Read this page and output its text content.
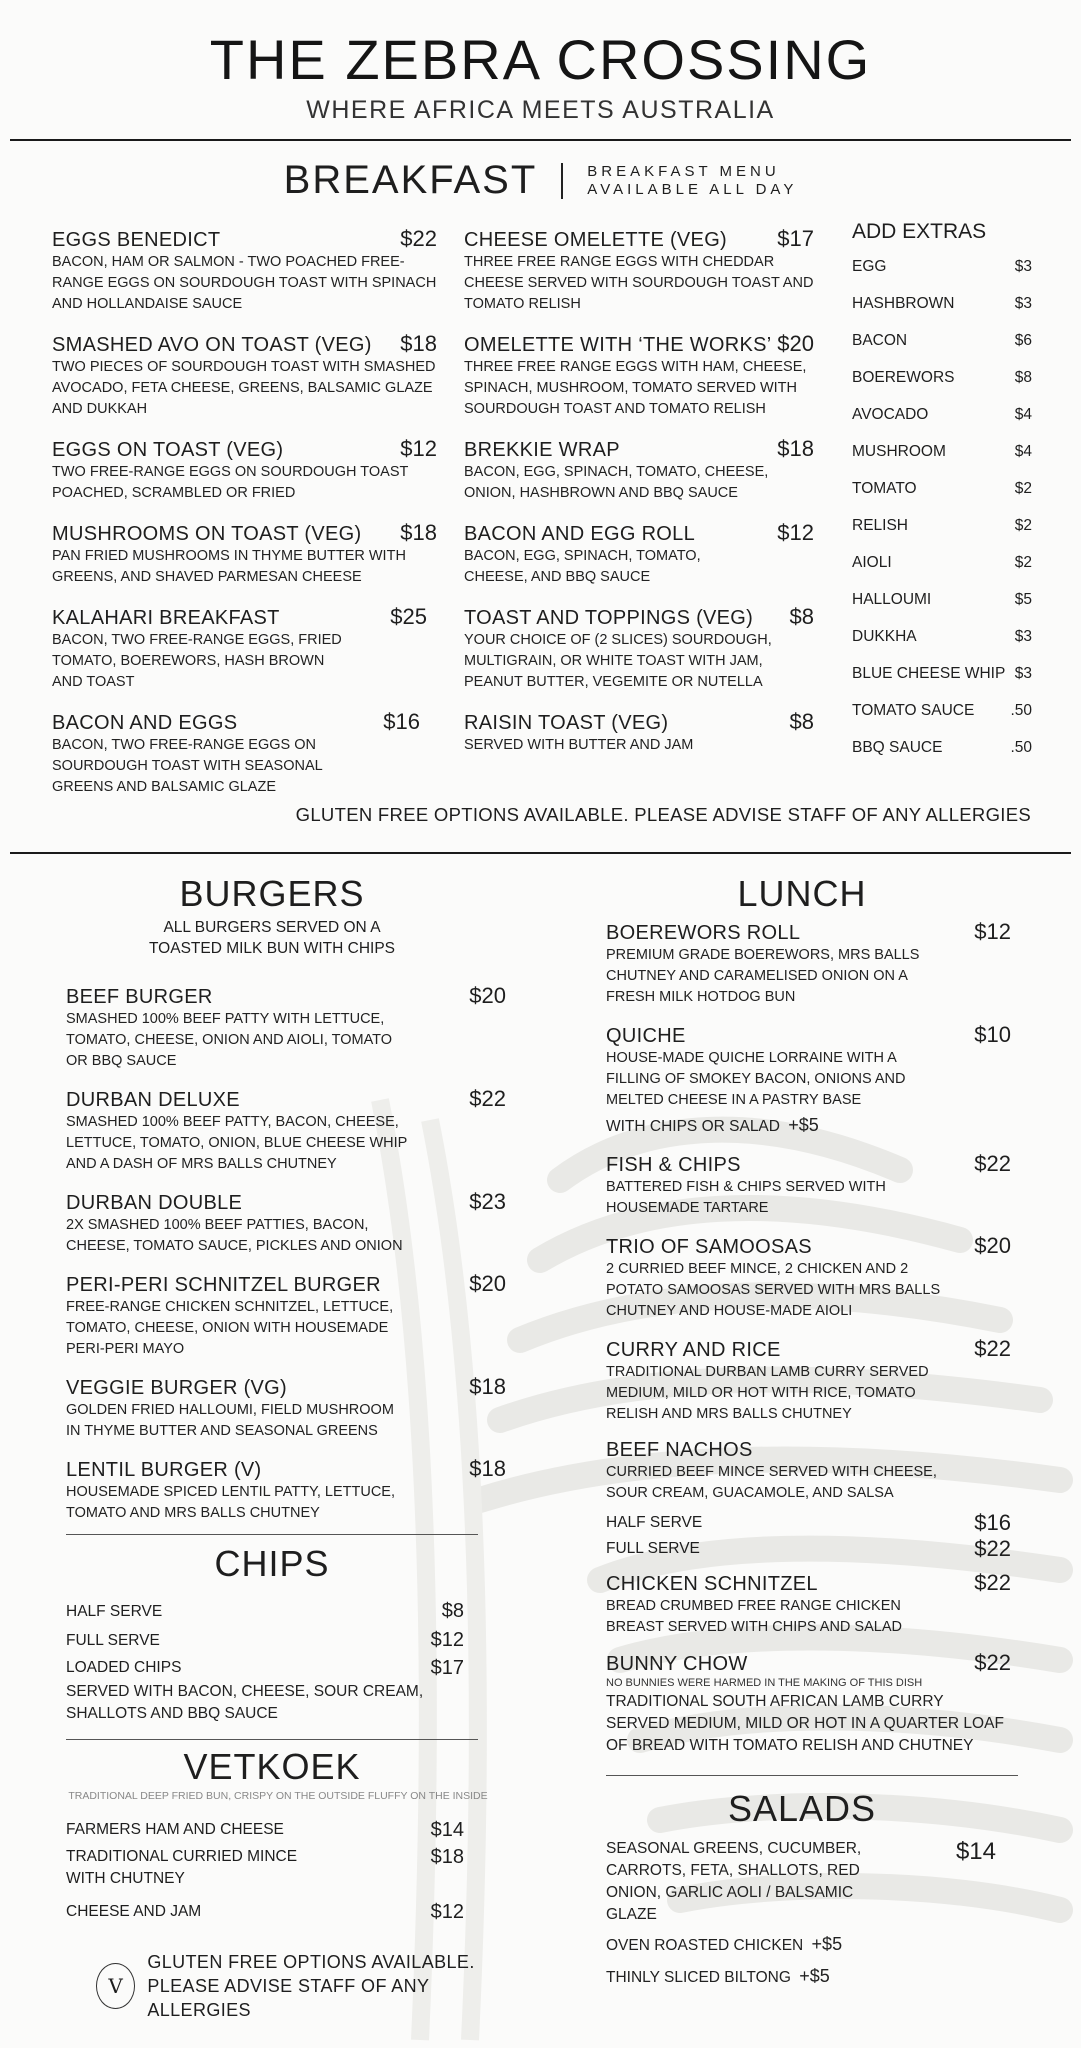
THE ZEBRA CROSSING
WHERE AFRICA MEETS AUSTRALIA
BREAKFAST	BREAKFAST MENU
AVAILABLE ALL DAY
EGGS BENEDICT	$22
BACON, HAM OR SALMON - TWO POACHED FREE-RANGE EGGS ON SOURDOUGH TOAST WITH SPINACH AND HOLLANDAISE SAUCE
SMASHED AVO ON TOAST (VEG) $18
TWO PIECES OF SOURDOUGH TOAST WITH SMASHED AVOCADO, FETA CHEESE, GREENS, BALSAMIC GLAZE AND DUKKAH
EGGS ON TOAST (VEG)	$12
TWO FREE-RANGE EGGS ON SOURDOUGH TOAST POACHED, SCRAMBLED OR FRIED
MUSHROOMS ON TOAST (VEG) $18
PAN FRIED MUSHROOMS IN THYME BUTTER WITH GREENS, AND SHAVED PARMESAN CHEESE
KALAHARI BREAKFAST	$25
BACON, TWO FREE-RANGE EGGS, FRIED TOMATO, BOEREWORS, HASH BROWN AND TOAST
BACON AND EGGS	$16
BACON, TWO FREE-RANGE EGGS ON SOURDOUGH TOAST WITH SEASONAL GREENS AND BALSAMIC GLAZE
CHEESE OMELETTE (VEG) $17
THREE FREE RANGE EGGS WITH CHEDDAR CHEESE SERVED WITH SOURDOUGH TOAST AND TOMATO RELISH
OMELETTE WITH ‘THE WORKS’ $20
THREE FREE RANGE EGGS WITH HAM, CHEESE, SPINACH, MUSHROOM, TOMATO SERVED WITH SOURDOUGH TOAST AND TOMATO RELISH
BREKKIE WRAP	$18
BACON, EGG, SPINACH, TOMATO, CHEESE, ONION, HASHBROWN AND BBQ SAUCE
BACON AND EGG ROLL	$12
BACON, EGG, SPINACH, TOMATO, CHEESE, AND BBQ SAUCE
TOAST AND TOPPINGS (VEG) $8
YOUR CHOICE OF (2 SLICES) SOURDOUGH, MULTIGRAIN, OR WHITE TOAST WITH JAM, PEANUT BUTTER, VEGEMITE OR NUTELLA
RAISIN TOAST (VEG)	$8
SERVED WITH BUTTER AND JAM
ADD EXTRAS
EGG	$3
HASHBROWN	$3
BACON	$6
BOEREWORS	$8
AVOCADO	$4
MUSHROOM	$4
TOMATO	$2
RELISH	$2
AIOLI	$2
HALLOUMI	$5
DUKKHA	$3
BLUE CHEESE WHIP $3
TOMATO SAUCE .50
BBQ SAUCE	.50
GLUTEN FREE OPTIONS AVAILABLE. PLEASE ADVISE STAFF OF ANY ALLERGIES
BURGERS
ALL BURGERS SERVED ON A
TOASTED MILK BUN WITH CHIPS
BEEF BURGER	$20
SMASHED 100% BEEF PATTY WITH LETTUCE, TOMATO, CHEESE, ONION AND AIOLI, TOMATO OR BBQ SAUCE
DURBAN DELUXE	$22
SMASHED 100% BEEF PATTY, BACON, CHEESE, LETTUCE, TOMATO, ONION, BLUE CHEESE WHIP AND A DASH OF MRS BALLS CHUTNEY
DURBAN DOUBLE	$23
2X SMASHED 100% BEEF PATTIES, BACON, CHEESE, TOMATO SAUCE, PICKLES AND ONION
PERI-PERI SCHNITZEL BURGER	$20
FREE-RANGE CHICKEN SCHNITZEL, LETTUCE, TOMATO, CHEESE, ONION WITH HOUSEMADE PERI-PERI MAYO
VEGGIE BURGER (VG)	$18
GOLDEN FRIED HALLOUMI, FIELD MUSHROOM IN THYME BUTTER AND SEASONAL GREENS
LENTIL BURGER (V)	$18
HOUSEMADE SPICED LENTIL PATTY, LETTUCE, TOMATO AND MRS BALLS CHUTNEY
CHIPS
HALF SERVE	$8
FULL SERVE	$12
LOADED CHIPS	$17
SERVED WITH BACON, CHEESE, SOUR CREAM,
SHALLOTS AND BBQ SAUCE
VETKOEK
TRADITIONAL DEEP FRIED BUN, CRISPY ON THE OUTSIDE FLUFFY ON THE INSIDE
FARMERS HAM AND CHEESE	$14
TRADITIONAL CURRIED MINCE
WITH CHUTNEY
$18
CHEESE AND JAM	$12
V
GLUTEN FREE OPTIONS AVAILABLE.
PLEASE ADVISE STAFF OF ANY ALLERGIES
LUNCH
BOEREWORS ROLL	$12
PREMIUM GRADE BOEREWORS, MRS BALLS CHUTNEY AND CARAMELISED ONION ON A FRESH MILK HOTDOG BUN
QUICHE	$10
HOUSE-MADE QUICHE LORRAINE WITH A FILLING OF SMOKEY BACON, ONIONS AND MELTED CHEESE IN A PASTRY BASE
WITH CHIPS OR SALAD +$5
FISH & CHIPS	$22
BATTERED FISH & CHIPS SERVED WITH HOUSEMADE TARTARE
TRIO OF SAMOOSAS	$20
2 CURRIED BEEF MINCE, 2 CHICKEN AND 2 POTATO SAMOOSAS SERVED WITH MRS BALLS CHUTNEY AND HOUSE-MADE AIOLI
CURRY AND RICE	$22
TRADITIONAL DURBAN LAMB CURRY SERVED MEDIUM, MILD OR HOT WITH RICE, TOMATO RELISH AND MRS BALLS CHUTNEY
BEEF NACHOS
CURRIED BEEF MINCE SERVED WITH CHEESE, SOUR CREAM, GUACAMOLE, AND SALSA
HALF SERVE	$16
FULL SERVE	$22
CHICKEN SCHNITZEL	$22
BREAD CRUMBED FREE RANGE CHICKEN BREAST SERVED WITH CHIPS AND SALAD
BUNNY CHOW	$22
NO BUNNIES WERE HARMED IN THE MAKING OF THIS DISH
TRADITIONAL SOUTH AFRICAN LAMB CURRY SERVED MEDIUM, MILD OR HOT IN A QUARTER LOAF OF BREAD WITH TOMATO RELISH AND CHUTNEY
SALADS
SEASONAL GREENS, CUCUMBER, CARROTS, FETA, SHALLOTS, RED ONION, GARLIC AOLI / BALSAMIC GLAZE
$14
OVEN ROASTED CHICKEN +$5
THINLY SLICED BILTONG +$5
